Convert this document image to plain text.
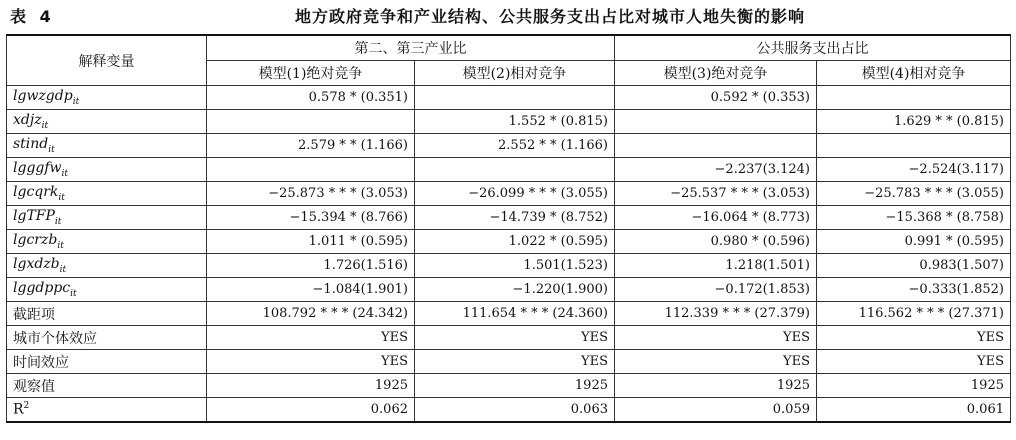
表 4	地方政府竞争和产业结构、公共服务支出占比对城市人地失衡的影响
解释变量	第二、第三产业比		公共服务支出占比	
	模型(1)绝对竞争	模型(2)相对竞争	模型(3)绝对竞争	模型(4)相对竞争
lgwzgdp$_{it}$	0.578 * (0.351)		0.592 * (0.353)	
xdjz$_{it}$		1.552 * (0.815)		1.629 * * (0.815)
stind$_{it}$	2.579 * * (1.166)	2.552 * * (1.166)		
lgggfw$_{it}$			−2.237(3.124)	−2.524(3.117)
lgcqrk$_{it}$	−25.873 * * * (3.053)	−26.099 * * * (3.055)	−25.537 * * * (3.053)	−25.783 * * * (3.055)
lgTFP$_{it}$	−15.394 * (8.766)	−14.739 * (8.752)	−16.064 * (8.773)	−15.368 * (8.758)
lgcrzb$_{it}$	1.011 * (0.595)	1.022 * (0.595)	0.980 * (0.596)	0.991 * (0.595)
lgxdzb$_{it}$	1.726(1.516)	1.501(1.523)	1.218(1.501)	0.983(1.507)
lggdppc$_{it}$	−1.084(1.901)	−1.220(1.900)	−0.172(1.853)	−0.333(1.852)
截距项	108.792 * * * (24.342)	111.654 * * * (24.360)	112.339 * * * (27.379)	116.562 * * * (27.371)
城市个体效应	YES	YES	YES	YES
时间效应	YES	YES	YES	YES
观察值	1925	1925	1925	1925
$R^2$	0.062	0.063	0.059	0.061
